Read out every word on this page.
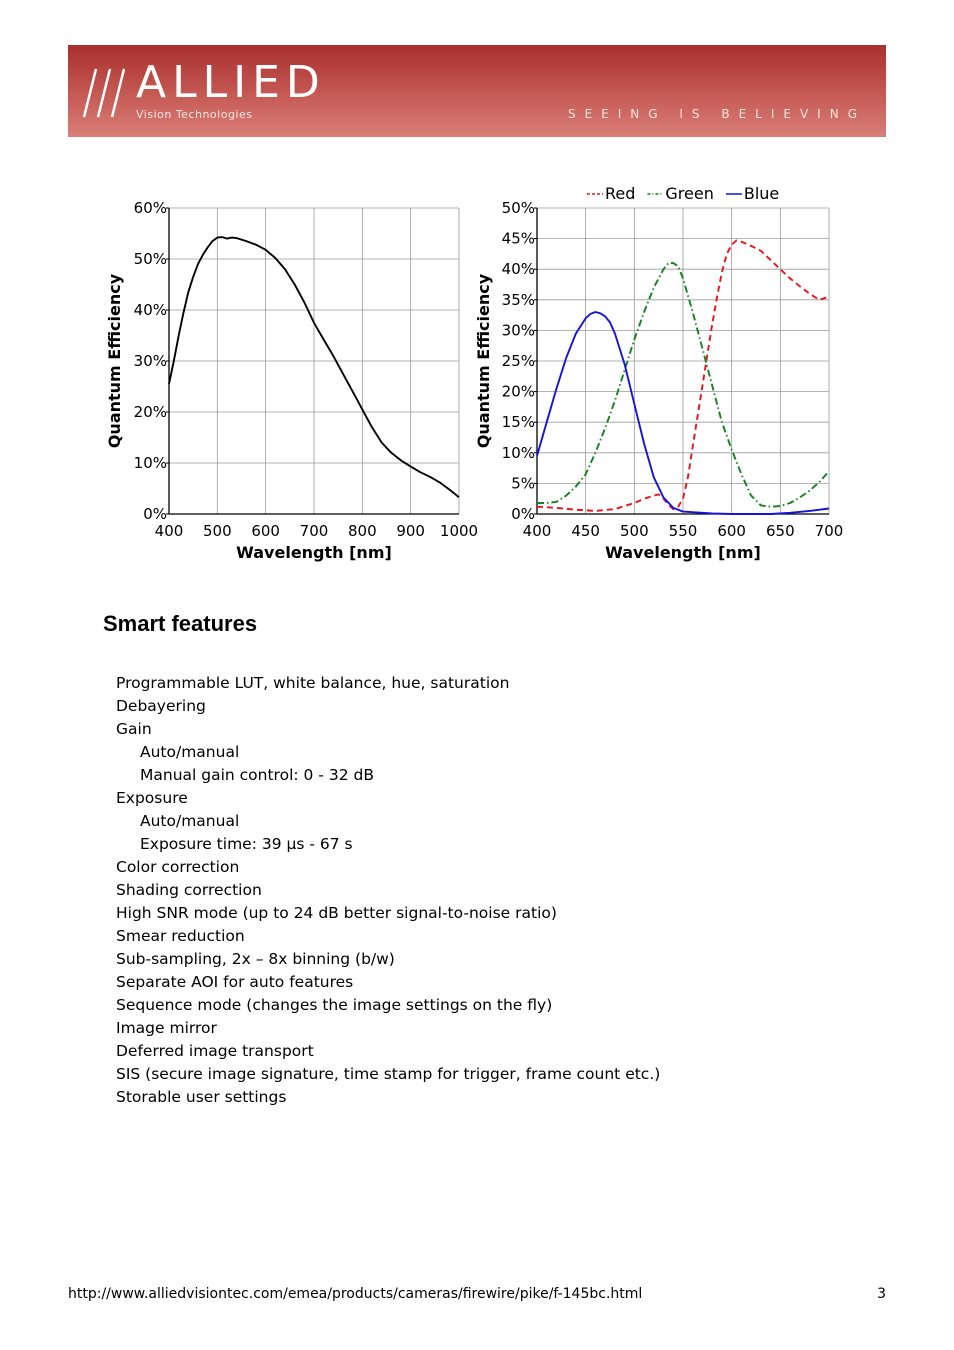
ALLIED
Vision Technologies	SEEING IS BELIEVING
0%
10%
20%
30%
40%
50%
60%
400 500 600 700 800 900 1000
Wavelength [nm]
Quantum Efficiency
0%
5%
10%
15%
20%
25%
30%
35%
40%
45%
50%
400 450 500 550 600 650 700
Wavelength [nm]
Quantum Efficiency
Red Green Blue
Smart features
Programmable LUT, white balance, hue, saturation
Debayering
Gain
Auto/manual
Manual gain control: 0 - 32 dB
Exposure
Auto/manual
Exposure time: 39 µs - 67 s
Color correction
Shading correction
High SNR mode (up to 24 dB better signal-to-noise ratio)
Smear reduction
Sub-sampling, 2x – 8x binning (b/w)
Separate AOI for auto features
Sequence mode (changes the image settings on the fly)
Image mirror
Deferred image transport
SIS (secure image signature, time stamp for trigger, frame count etc.)
Storable user settings
http://www.alliedvisiontec.com/emea/products/cameras/firewire/pike/f-145bc.html	3
